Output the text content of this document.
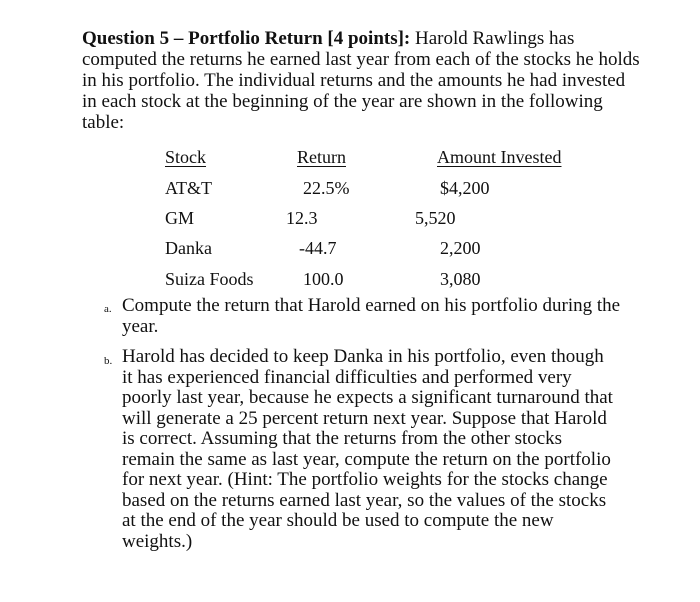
Question 5 – Portfolio Return [4 points]: Harold Rawlings has computed the returns he earned last year from each of the stocks he holds in his portfolio. The individual returns and the amounts he had invested in each stock at the beginning of the year are shown in the following table:

Stock	Return	Amount Invested
AT&T	22.5%	$4,200
GM	12.3	5,520
Danka	-44.7	2,200
Suiza Foods	100.0	3,080
a. Compute the return that Harold earned on his portfolio during the year.

b. Harold has decided to keep Danka in his portfolio, even though it has experienced financial difficulties and performed very poorly last year, because he expects a significant turnaround that will generate a 25 percent return next year. Suppose that Harold is correct. Assuming that the returns from the other stocks remain the same as last year, compute the return on the portfolio for next year. (Hint: The portfolio weights for the stocks change based on the returns earned last year, so the values of the stocks at the end of the year should be used to compute the new weights.)
